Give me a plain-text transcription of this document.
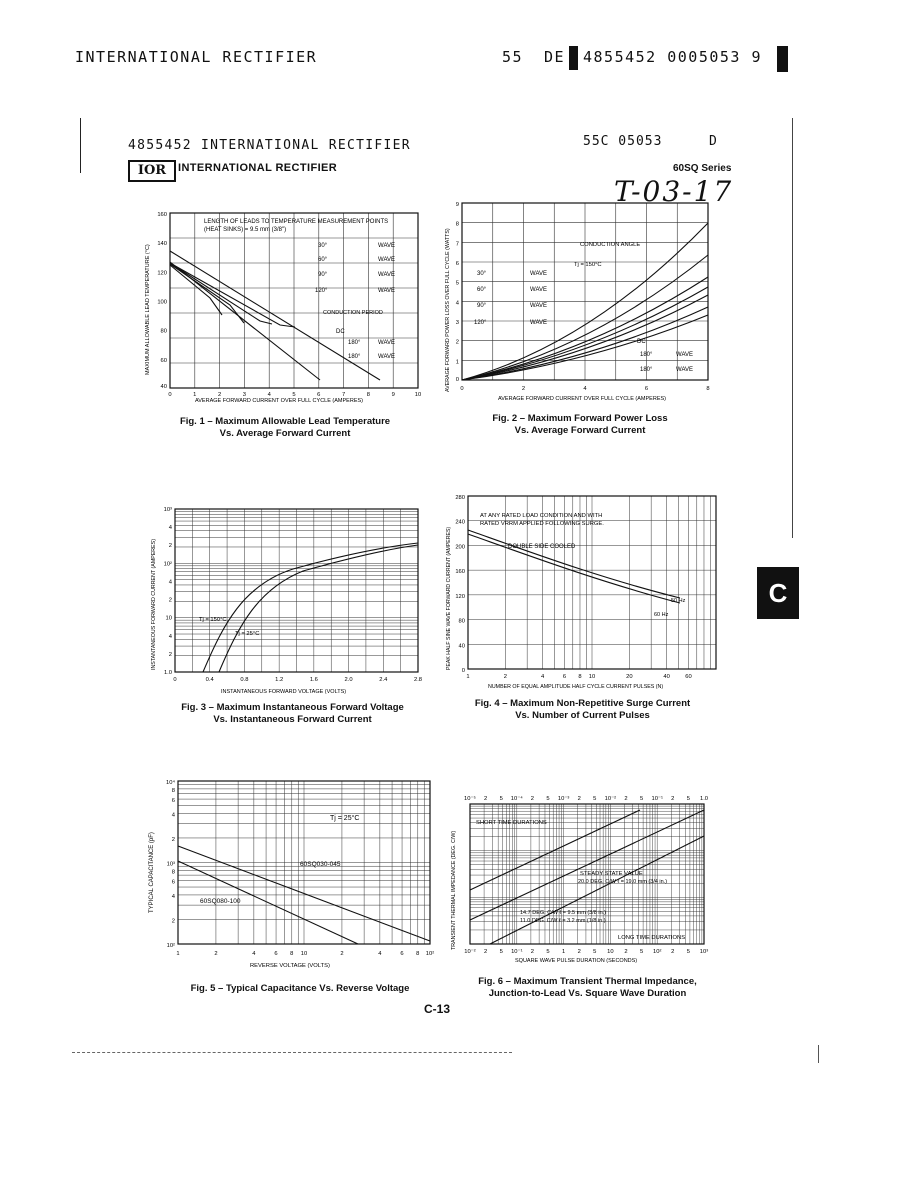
INTERNATIONAL RECTIFIER	55 DE 4855452 0005053 9
4855452 INTERNATIONAL RECTIFIER	55C 05053	D
IOR	INTERNATIONAL RECTIFIER	60SQ Series
T-03-17
C
LENGTH OF LEADS TO TEMPERATURE MEASUREMENT POINTS
(HEAT SINKS) = 9.5 mm (3/8")
CONDUCTION PERIOD
30°
60°
90°
120°
180°
180°
DC
WAVE
WAVE
WAVE
WAVE
WAVE
WAVE
0	1	2	3	4	5	6	7	8	9	10
160
140
120
100
80
60
40
AVERAGE FORWARD CURRENT OVER FULL CYCLE (AMPERES)
MAXIMUM ALLOWABLE LEAD TEMPERATURE (°C)
Fig. 1 – Maximum Allowable Lead Temperature
Vs. Average Forward Current
CONDUCTION ANGLE
Tj = 150°C
30°
60°
90°
120°
180°
180°
DC
WAVE
WAVE
WAVE
WAVE
WAVE
WAVE
0	2	4	6	8
9
8
7
6
5
4
3
2
1
0
AVERAGE FORWARD CURRENT OVER FULL CYCLE (AMPERES)
AVERAGE FORWARD POWER LOSS OVER FULL CYCLE (WATTS)
Fig. 2 – Maximum Forward Power Loss
Vs. Average Forward Current
Tj = 150°C
Tj = 25°C
0	0.4	0.8	1.2	1.6	2.0	2.4	2.8
10³
4
2
10²
4
2
10
4
2
1.0
INSTANTANEOUS FORWARD VOLTAGE (VOLTS)
INSTANTANEOUS FORWARD CURRENT (AMPERES)
Fig. 3 – Maximum Instantaneous Forward Voltage
Vs. Instantaneous Forward Current
AT ANY RATED LOAD CONDITION AND WITH
RATED VRRM APPLIED FOLLOWING SURGE.
DOUBLE SIDE COOLED
50 Hz
60 Hz
1	2	4	6 8 10	20	40	60
280
240
200
160
120
80
40
0
NUMBER OF EQUAL AMPLITUDE HALF CYCLE CURRENT PULSES (N)
PEAK HALF SINE WAVE FORWARD CURRENT (AMPERES)
Fig. 4 – Maximum Non-Repetitive Surge Current
Vs. Number of Current Pulses
Tj = 25°C
60SQ030-045
60SQ080-100
1	2	4	6 8 10	2	4	6 8 10²
10⁴
8
6
4
2
10³
8
6
4
2
10²
REVERSE VOLTAGE (VOLTS)
TYPICAL CAPACITANCE (pF)
Fig. 5 – Typical Capacitance Vs. Reverse Voltage
SHORT TIME DURATIONS
LONG TIME DURATIONS
STEADY STATE VALUE
20.0 DEG. C/W ℓ = 19.0 mm (3/4 in.)
14.7 DEG. C/W ℓ = 9.5 mm (3/8 in.)
11.0 DEG. C/W ℓ = 3.2 mm (1/8 in.)
10⁻⁵ 2 5 10⁻⁴ 2 5 10⁻³ 2 5 10⁻² 2 5 10⁻¹ 2 5 1.0
10⁻² 2 5 10⁻¹ 2 5 1 2 5 10 2 5 10² 2 5 10³
SQUARE WAVE PULSE DURATION (SECONDS)
TRANSIENT THERMAL IMPEDANCE (DEG. C/W)
Fig. 6 – Maximum Transient Thermal Impedance,
Junction-to-Lead Vs. Square Wave Duration
C-13
